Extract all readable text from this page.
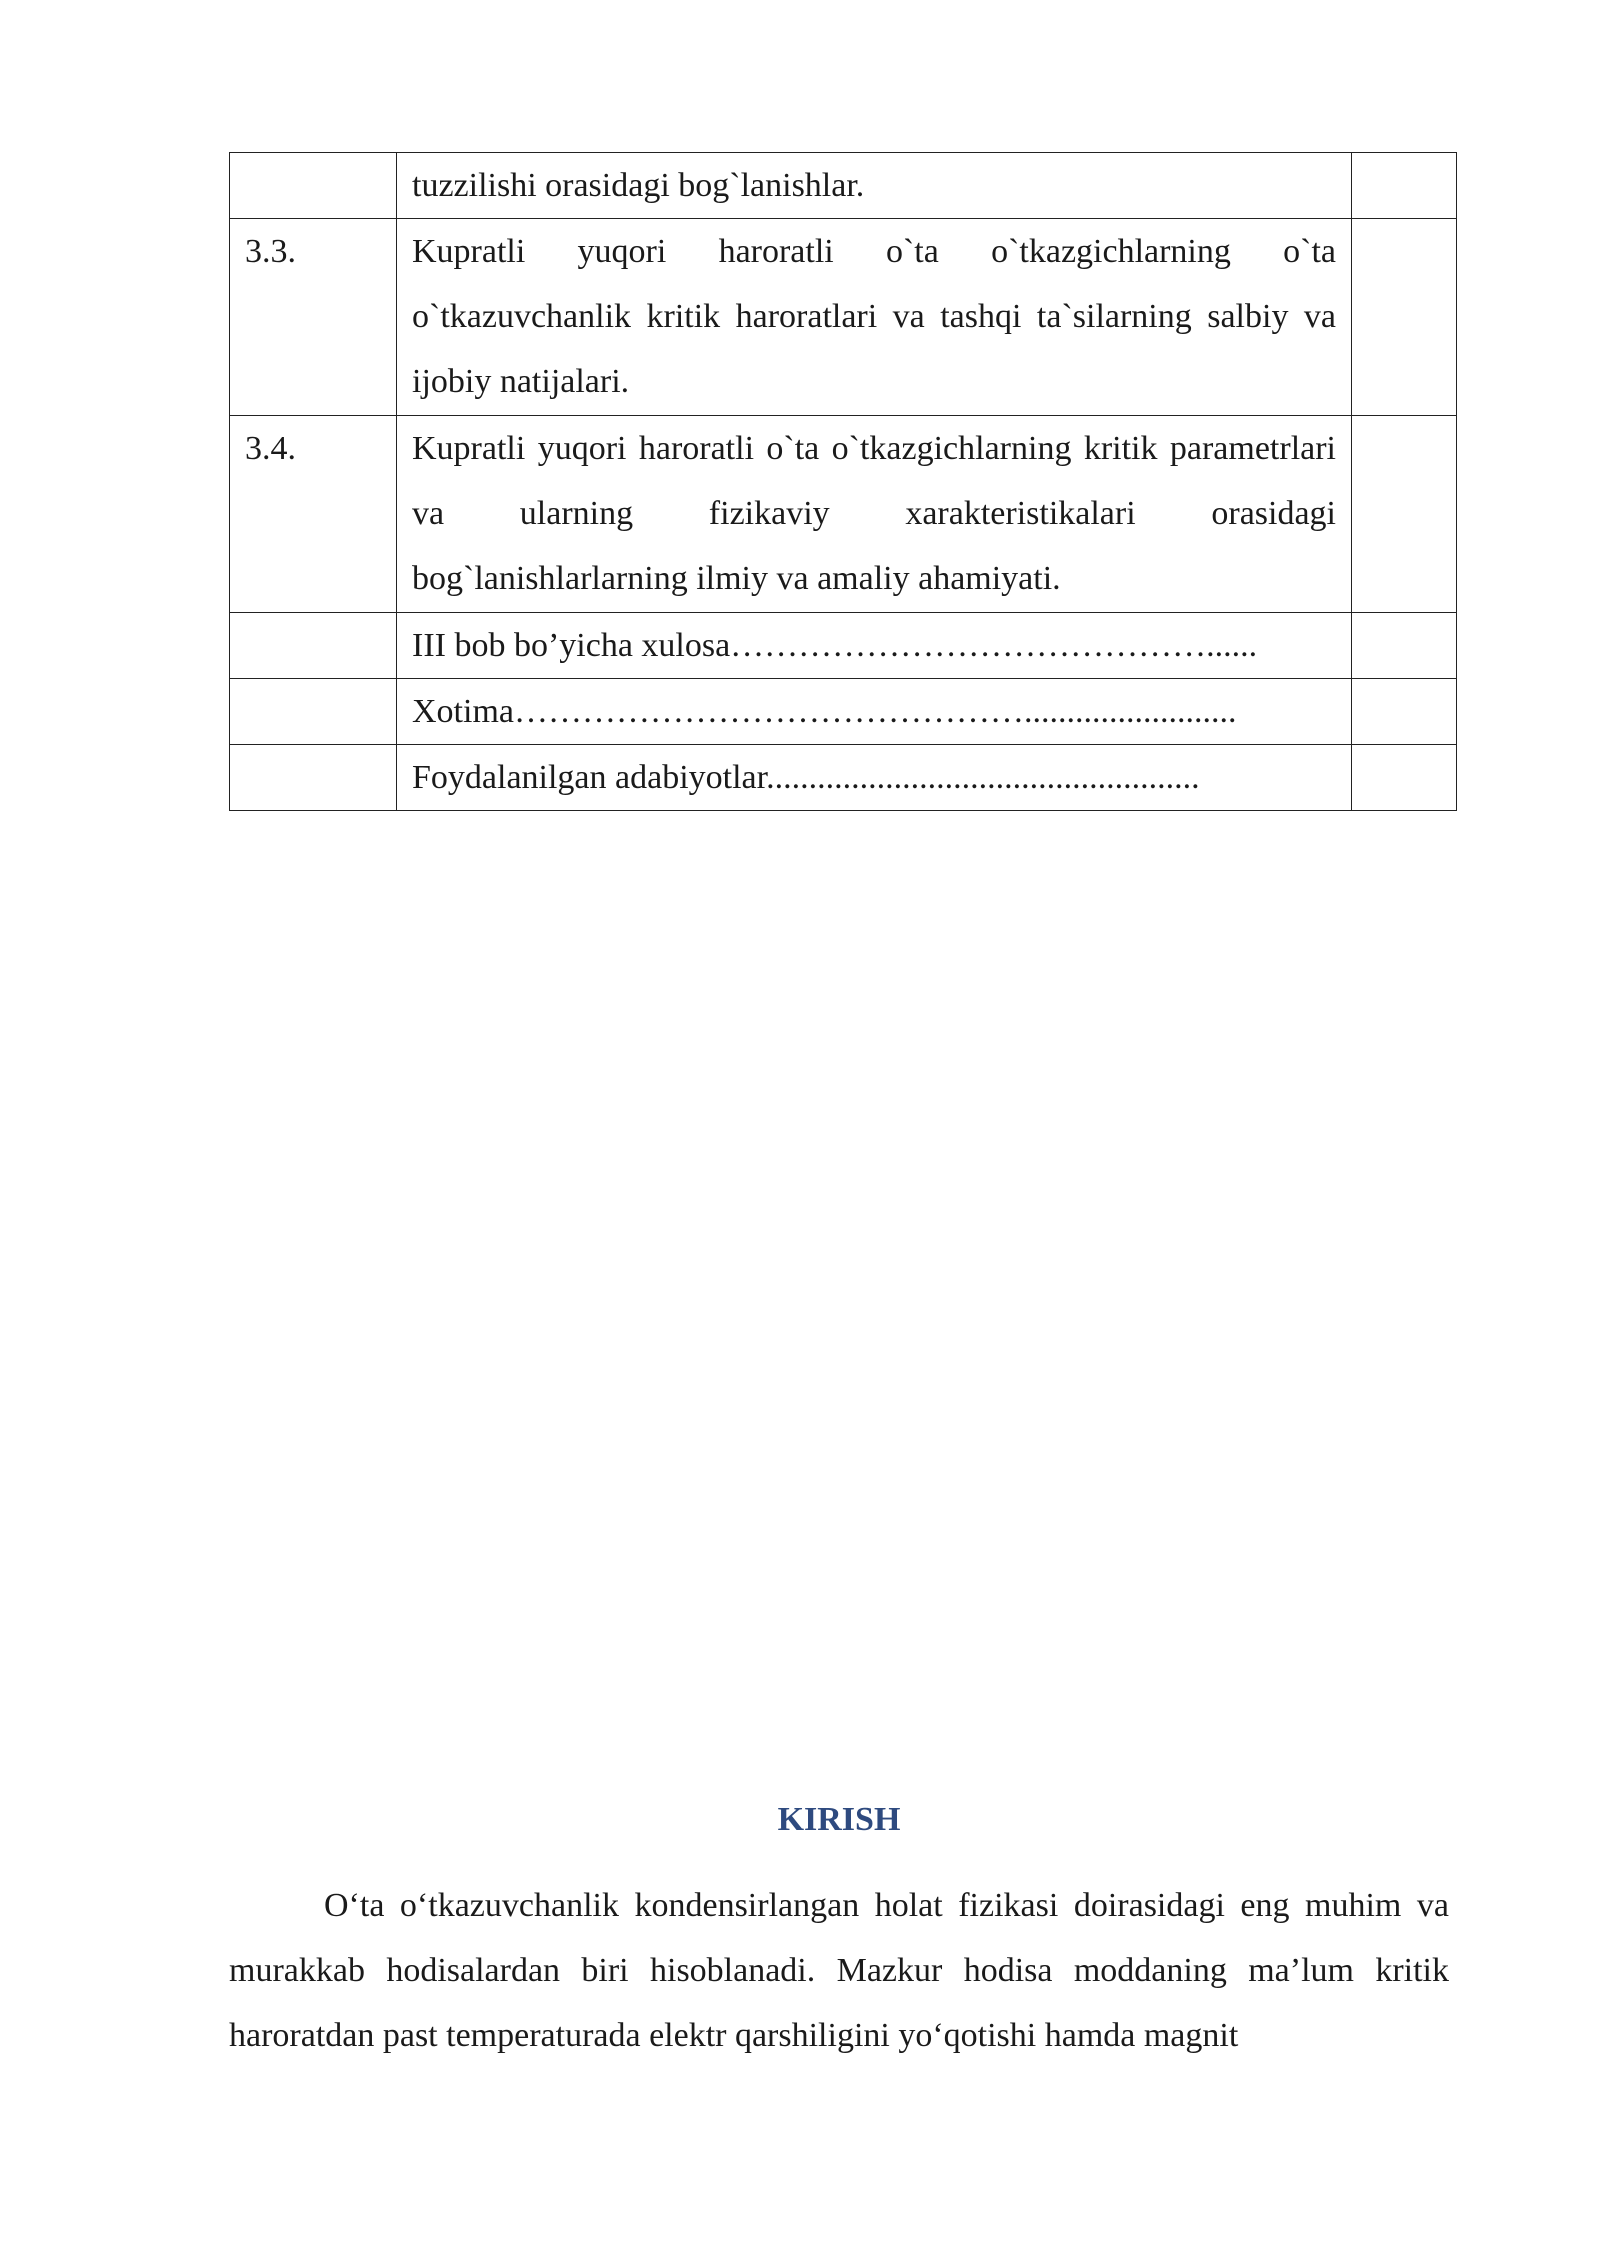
	tuzzilishi orasidagi bog`lanishlar.	
3.3.	Kupratli yuqori haroratli o`ta o`tkazgichlarning o`ta o`tkazuvchanlik kritik haroratlari va tashqi ta`silarning salbiy va ijobiy natijalari.	
3.4.	Kupratli yuqori haroratli o`ta o`tkazgichlarning kritik parametrlari va ularning fizikaviy xarakteristikalari orasidagi bog`lanishlarlarning ilmiy va amaliy ahamiyati.	
	III bob bo’yicha xulosa……………………………………......	
	Xotima……………………………………….........................	
	Foydalanilgan adabiyotlar...................................................	
KIRISH

O‘ta o‘tkazuvchanlik kondensirlangan holat fizikasi doirasidagi eng muhim va murakkab hodisalardan biri hisoblanadi. Mazkur hodisa moddaning ma’lum kritik haroratdan past temperaturada elektr qarshiligini yo‘qotishi hamda magnit
